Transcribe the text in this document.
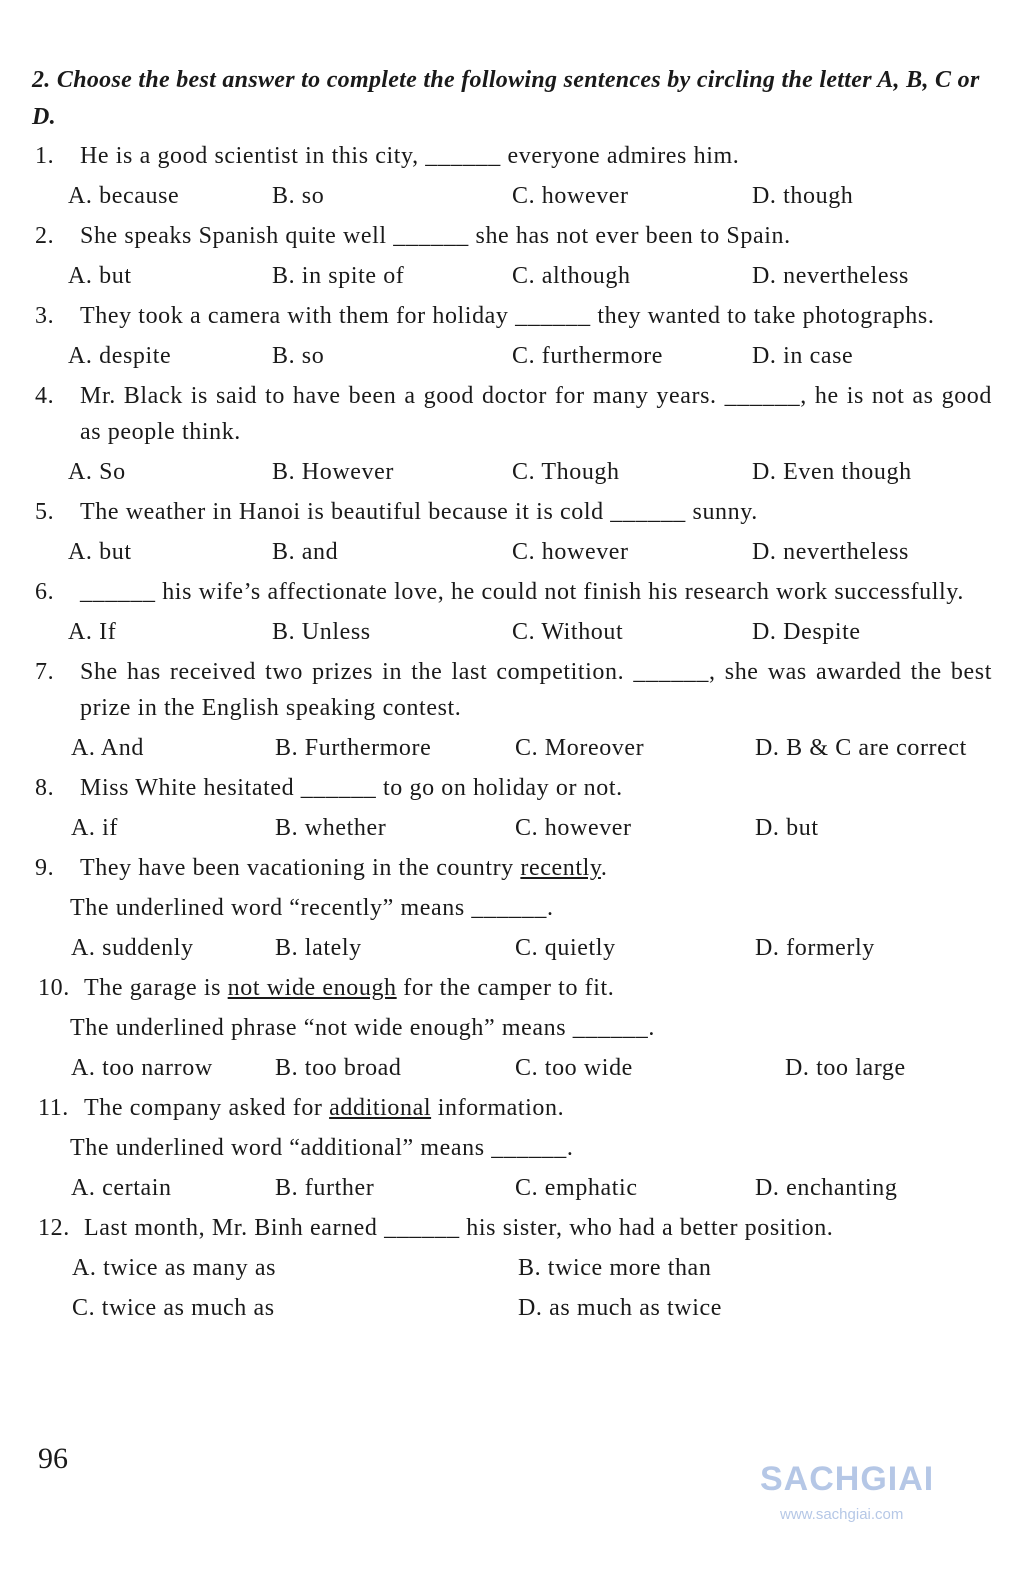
2. Choose the best answer to complete the following sentences by circling the letter A, B, C or D.
1.	He is a good scientist in this city, ______ everyone admires him.
A. because	B. so	C. however	D. though
2.	She speaks Spanish quite well ______ she has not ever been to Spain.
A. but	B. in spite of	C. although	D. nevertheless
3.	They took a camera with them for holiday ______ they wanted to take photographs.
A. despite	B. so	C. furthermore	D. in case
4.	Mr. Black is said to have been a good doctor for many years. ______, he is not as good as people think.
A. So	B. However	C. Though	D. Even though
5.	The weather in Hanoi is beautiful because it is cold ______ sunny.
A. but	B. and	C. however	D. nevertheless
6.	______ his wife’s affectionate love, he could not finish his research work successfully.
A. If	B. Unless	C. Without	D. Despite
7.	She has received two prizes in the last competition. ______, she was awarded the best prize in the English speaking contest.
A. And	B. Furthermore	C. Moreover	D. B & C are correct
8.	Miss White hesitated ______ to go on holiday or not.
A. if	B. whether	C. however	D. but
9.	They have been vacationing in the country recently.
The underlined word “recently” means ______.
A. suddenly	B. lately	C. quietly	D. formerly
10. The garage is not wide enough for the camper to fit.
The underlined phrase “not wide enough” means ______.
A. too narrow	B. too broad	C. too wide	D. too large
11. The company asked for additional information.
The underlined word “additional” means ______.
A. certain	B. further	C. emphatic	D. enchanting
12. Last month, Mr. Binh earned ______ his sister, who had a better position.
A. twice as many as	B. twice more than
C. twice as much as	D. as much as twice
SACHGIAI
www.sachgiai.com
96
